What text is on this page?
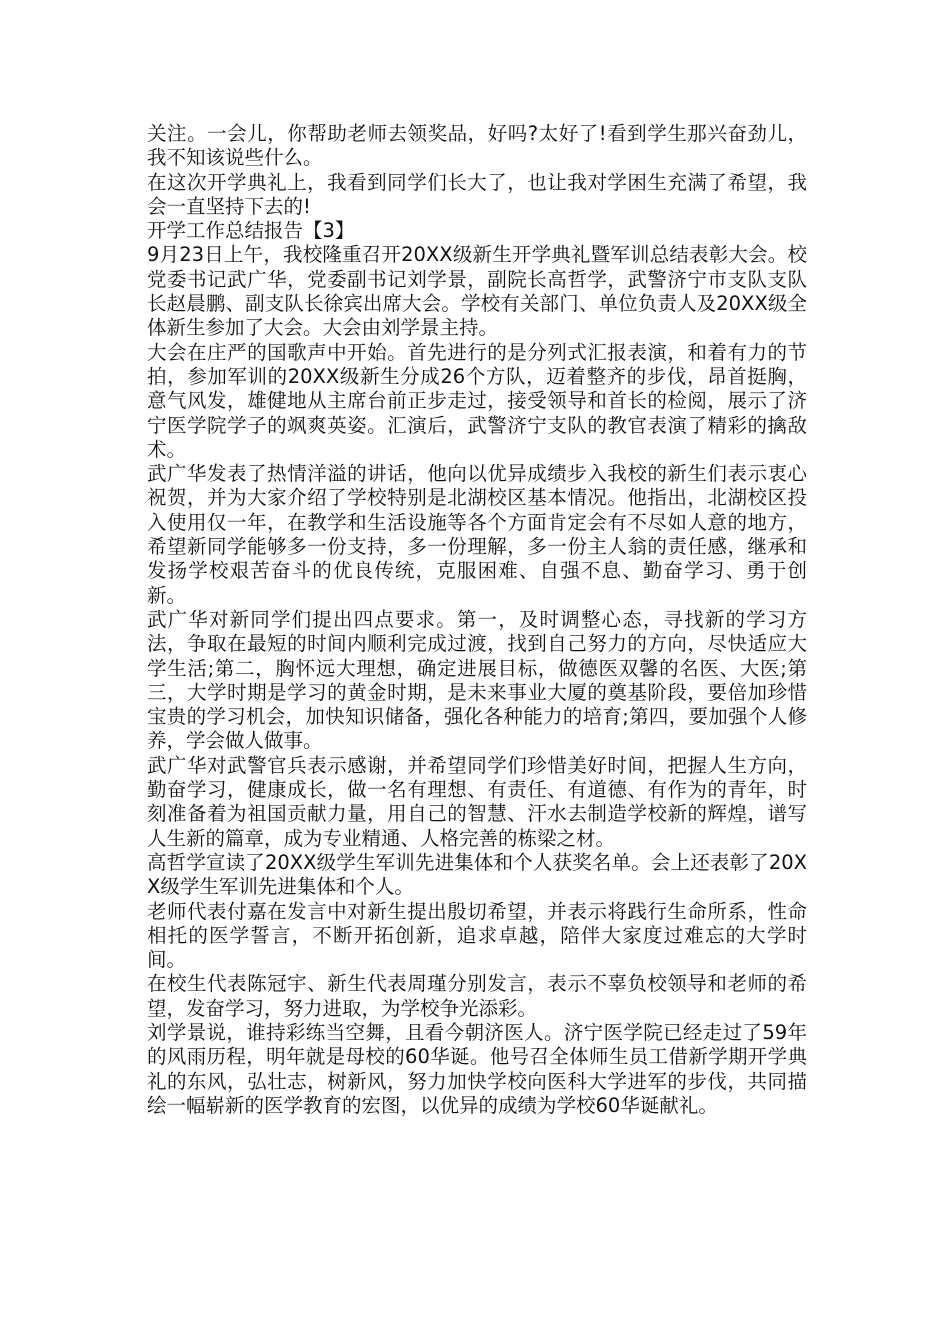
关注。一会儿，你帮助老师去领奖品，好吗?太好了!看到学生那兴奋劲儿，我不知该说些什么。

在这次开学典礼上，我看到同学们长大了，也让我对学困生充满了希望，我会一直坚持下去的!

开学工作总结报告【3】

9月23日上午，我校隆重召开20XX级新生开学典礼暨军训总结表彰大会。校党委书记武广华，党委副书记刘学景，副院长高哲学，武警济宁市支队支队长赵晨鹏、副支队长徐宾出席大会。学校有关部门、单位负责人及20XX级全体新生参加了大会。大会由刘学景主持。

大会在庄严的国歌声中开始。首先进行的是分列式汇报表演，和着有力的节拍，参加军训的20XX级新生分成26个方队，迈着整齐的步伐，昂首挺胸，意气风发，雄健地从主席台前正步走过，接受领导和首长的检阅，展示了济宁医学院学子的飒爽英姿。汇演后，武警济宁支队的教官表演了精彩的擒敌术。

武广华发表了热情洋溢的讲话，他向以优异成绩步入我校的新生们表示衷心祝贺，并为大家介绍了学校特别是北湖校区基本情况。他指出，北湖校区投入使用仅一年，在教学和生活设施等各个方面肯定会有不尽如人意的地方，希望新同学能够多一份支持，多一份理解，多一份主人翁的责任感，继承和发扬学校艰苦奋斗的优良传统，克服困难、自强不息、勤奋学习、勇于创新。

武广华对新同学们提出四点要求。第一，及时调整心态，寻找新的学习方法，争取在最短的时间内顺利完成过渡，找到自己努力的方向，尽快适应大学生活;第二，胸怀远大理想，确定进展目标，做德医双馨的名医、大医;第三，大学时期是学习的黄金时期，是未来事业大厦的奠基阶段，要倍加珍惜宝贵的学习机会，加快知识储备，强化各种能力的培育;第四，要加强个人修养，学会做人做事。

武广华对武警官兵表示感谢，并希望同学们珍惜美好时间，把握人生方向，勤奋学习，健康成长，做一名有理想、有责任、有道德、有作为的青年，时刻准备着为祖国贡献力量，用自己的智慧、汗水去制造学校新的辉煌，谱写人生新的篇章，成为专业精通、人格完善的栋梁之材。

高哲学宣读了20XX级学生军训先进集体和个人获奖名单。会上还表彰了20XX级学生军训先进集体和个人。

老师代表付嘉在发言中对新生提出殷切希望，并表示将践行生命所系，性命相托的医学誓言，不断开拓创新，追求卓越，陪伴大家度过难忘的大学时间。

在校生代表陈冠宇、新生代表周瑾分别发言，表示不辜负校领导和老师的希望，发奋学习，努力进取，为学校争光添彩。

刘学景说，谁持彩练当空舞，且看今朝济医人。济宁医学院已经走过了59年的风雨历程，明年就是母校的60华诞。他号召全体师生员工借新学期开学典礼的东风，弘壮志，树新风，努力加快学校向医科大学进军的步伐，共同描绘一幅崭新的医学教育的宏图，以优异的成绩为学校60华诞献礼。
